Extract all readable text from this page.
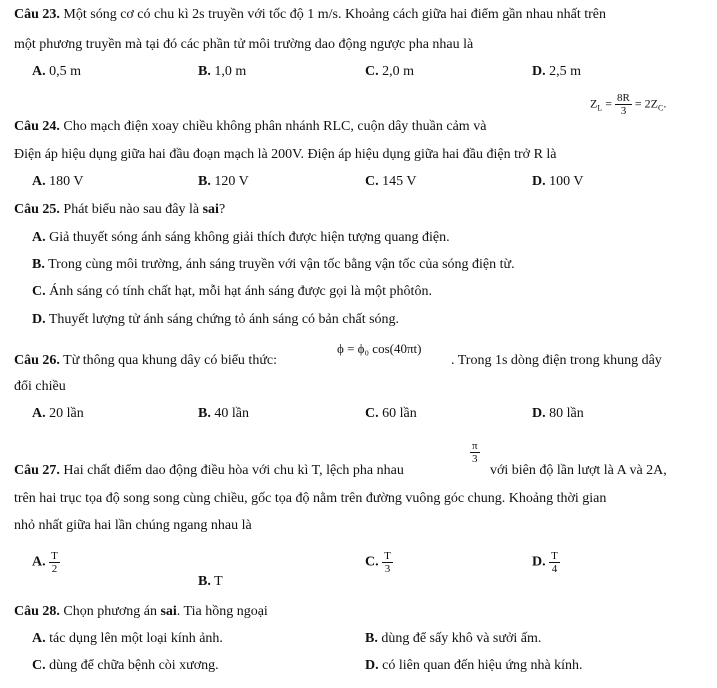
Câu 23. Một sóng cơ có chu kì 2s truyền với tốc độ 1 m/s. Khoảng cách giữa hai điểm gần nhau nhất trên
một phương truyền mà tại đó các phần tử môi trường dao động ngược pha nhau là
A. 0,5 m	B. 1,0 m	C. 2,0 m	D. 2,5 m
Câu 24. Cho mạch điện xoay chiều không phân nhánh RLC, cuộn dây thuần cảm và
$Z_L = \frac{8R}{3} = 2Z_C$.
Điện áp hiệu dụng giữa hai đầu đoạn mạch là 200V. Điện áp hiệu dụng giữa hai đầu điện trở R là
A. 180 V	B. 120 V	C. 145 V	D. 100 V
Câu 25. Phát biểu nào sau đây là sai?
A. Giả thuyết sóng ánh sáng không giải thích được hiện tượng quang điện.
B. Trong cùng môi trường, ánh sáng truyền với vận tốc bằng vận tốc của sóng điện từ.
C. Ánh sáng có tính chất hạt, mỗi hạt ánh sáng được gọi là một phôtôn.
D. Thuyết lượng tử ánh sáng chứng tỏ ánh sáng có bản chất sóng.
Câu 26. Từ thông qua khung dây có biểu thức:
ϕ = ϕ₀ cos(40πt)
. Trong 1s dòng điện trong khung dây
đổi chiều
A. 20 lần	B. 40 lần	C. 60 lần	D. 80 lần
Câu 27. Hai chất điểm dao động điều hòa với chu kì T, lệch pha nhau
$\frac{\pi}{3}$
với biên độ lần lượt là A và 2A,
trên hai trục tọa độ song song cùng chiều, gốc tọa độ nằm trên đường vuông góc chung. Khoảng thời gian
nhỏ nhất giữa hai lần chúng ngang nhau là
A. $\frac{T}{2}$
B. T
C. $\frac{T}{3}$	D. $\frac{T}{4}$
Câu 28. Chọn phương án sai. Tia hồng ngoại
A. tác dụng lên một loại kính ảnh.	B. dùng để sấy khô và sưởi ấm.
C. dùng để chữa bệnh còi xương.	D. có liên quan đến hiệu ứng nhà kính.
